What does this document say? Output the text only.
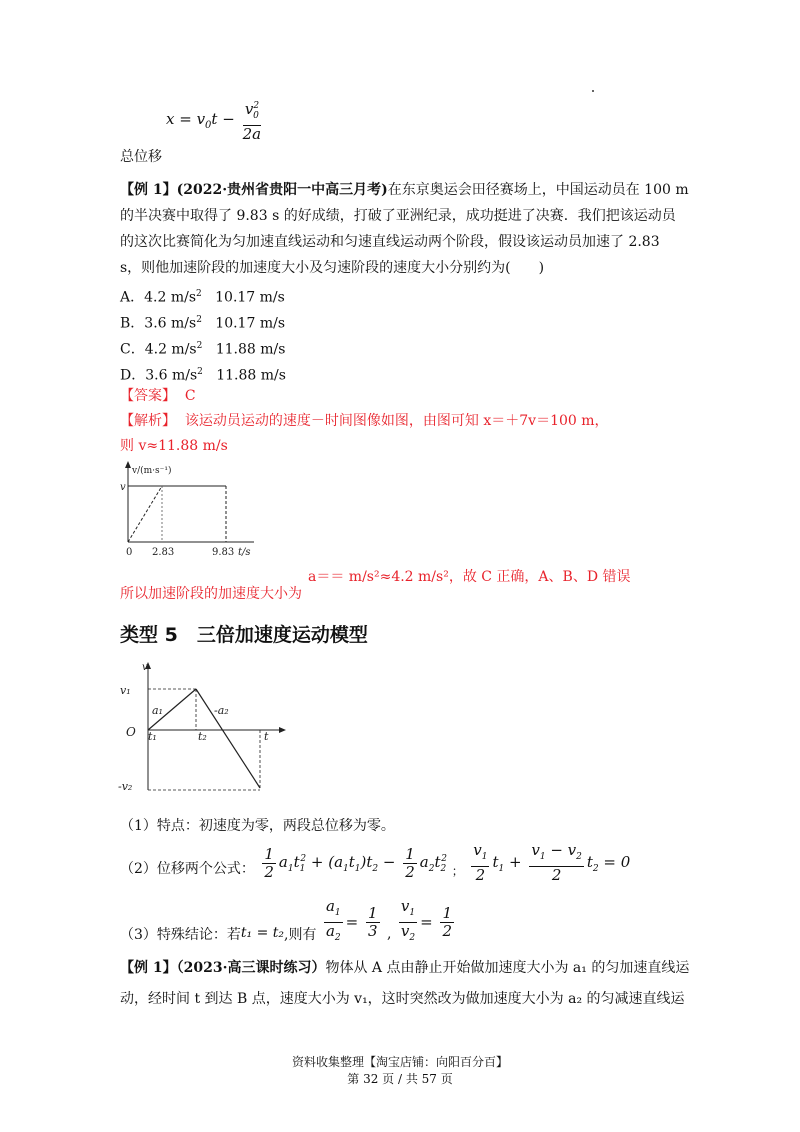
$x = v_0t - \frac{v^2_0}{2a}$
总位移
【例 1】(2022·贵州省贵阳一中高三月考)在东京奥运会田径赛场上，中国运动员在 100 m
的半决赛中取得了 9.83 s 的好成绩，打破了亚洲纪录，成功挺进了决赛．我们把该运动员
的这次比赛简化为匀加速直线运动和匀速直线运动两个阶段，假设该运动员加速了 2.83
s，则他加速阶段的加速度大小及匀速阶段的速度大小分别约为(　　)
A．4.2 $m/s^2$ 10.17 m/s
B．3.6 $m/s^2$ 10.17 m/s
C．4.2 $m/s^2$ 11.88 m/s
D．3.6 $m/s^2$ 11.88 m/s
【答案】 C
【解析】 该运动员运动的速度－时间图像如图，由图可知 x＝＋7v＝100 m，
则 v≈11.88 m/s
v/(m·s⁻¹)
v
0 2.83	9.83 t/s
a＝＝ m/s²≈4.2 m/s²，故 C 正确，A、B、D 错误
所以加速阶段的加速度大小为
类型 5　三倍加速度运动模型
v
t
v₁
O
-v₂
a₁	-a₂
t₁	t₂
（1）特点：初速度为零，两段总位移为零。
（2）位移两个公式： $\frac{1}{2} a_1t_1^2 + (a_1t_1)t_2 - \frac{1}{2} a_2t_2^2$ ； $\frac{v_1}{2} t_1 + \frac{v_1 - v_2}{2} t_2 = 0$
（3）特殊结论：若t₁ = t₂,则有 $\frac{a_1}{a_2} = \frac{1}{3}$ , $\frac{v_1}{v_2} = \frac{1}{2}$
【例 1】（2023·高三课时练习）物体从 A 点由静止开始做加速度大小为 a₁ 的匀加速直线运
动，经时间 t 到达 B 点，速度大小为 v₁，这时突然改为做加速度大小为 a₂ 的匀减速直线运
资料收集整理【淘宝店铺：向阳百分百】
第 32 页 / 共 57 页
